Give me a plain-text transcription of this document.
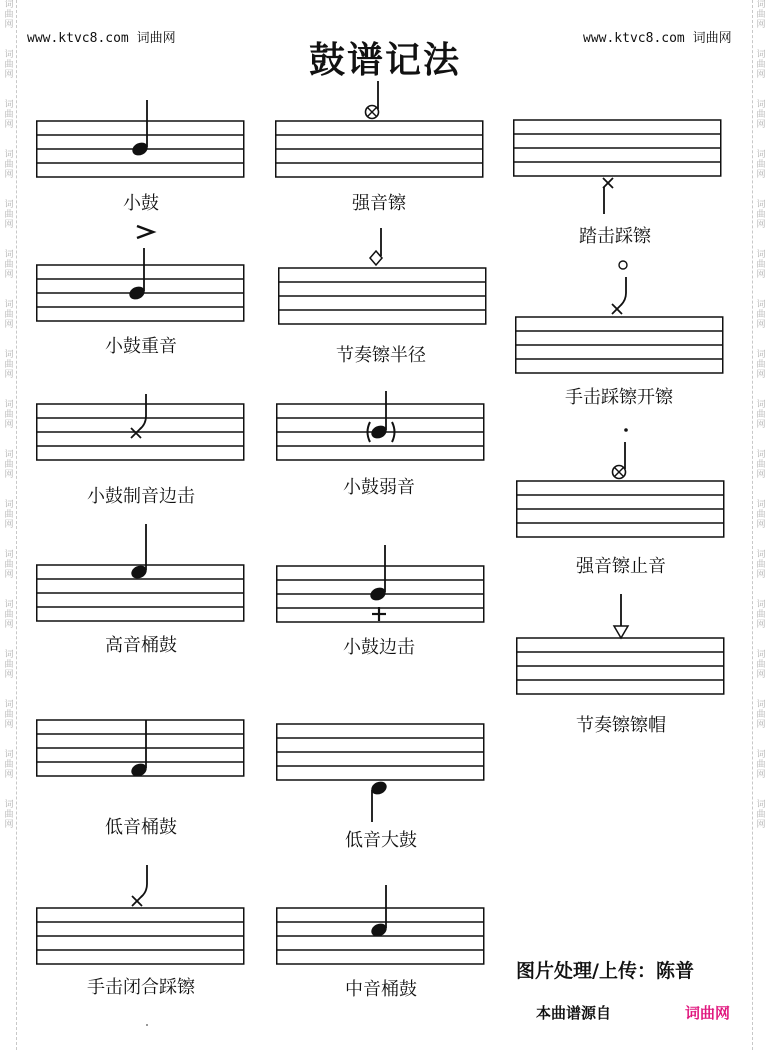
词
曲
网

词
曲
网

词
曲
网

词
曲
网

词
曲
网

词
曲
网

词
曲
网

词
曲
网

词
曲
网

词
曲
网

词
曲
网

词
曲
网

词
曲
网

词
曲
网

词
曲
网

词
曲
网

词
曲
网

词
曲
网

词
曲
网

词
曲
网

词
曲
网

词
曲
网

词
曲
网

词
曲
网

词
曲
网

词
曲
网

词
曲
网

词
曲
网

词
曲
网

词
曲
网

词
曲
网

词
曲
网

词
曲
网

词
曲
网

www.ktvc8.com 词曲网	www.ktvc8.com 词曲网
鼓谱记法
小鼓
小鼓重音
小鼓制音边击
高音桶鼓
低音桶鼓
手击闭合踩镲
强音镲
节奏镲半径
小鼓弱音
小鼓边击
低音大鼓
中音桶鼓
踏击踩镲
手击踩镲开镲
强音镲止音
节奏镲镲帽
图片处理/上传：陈普
本曲谱源自	词曲网
